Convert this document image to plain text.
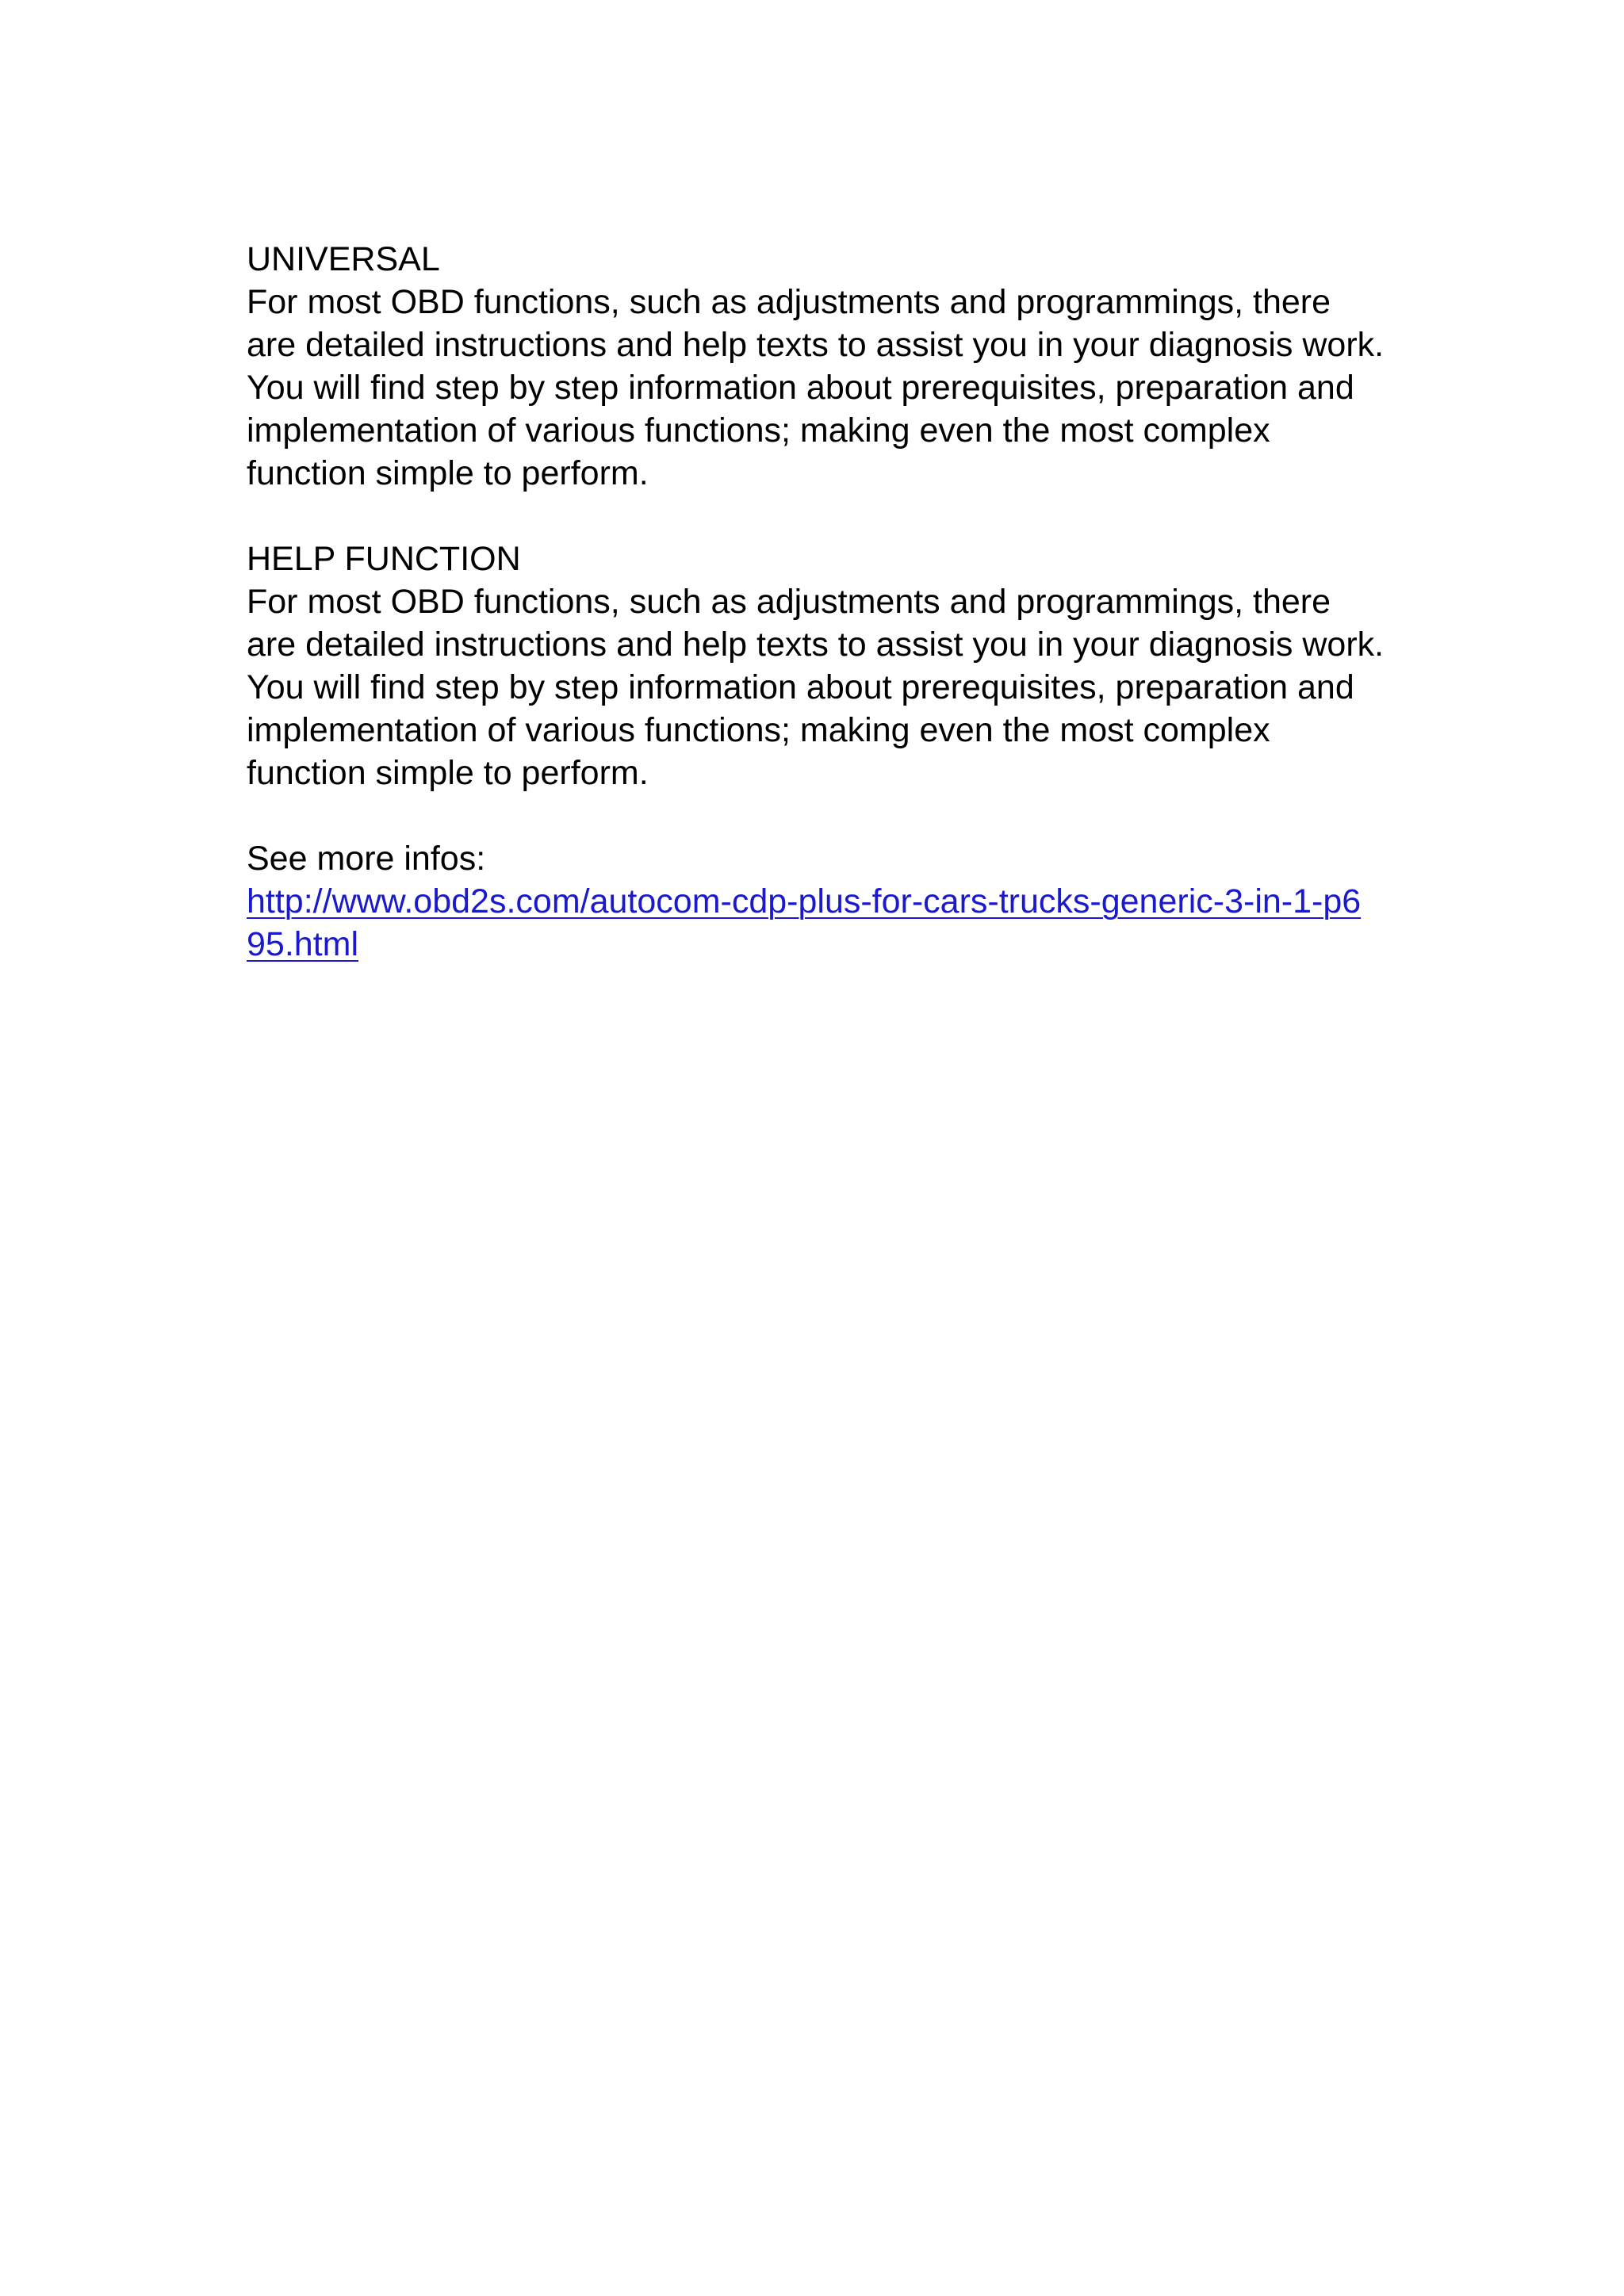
UNIVERSAL
For most OBD functions, such as adjustments and programmings, there
are detailed instructions and help texts to assist you in your diagnosis work.
You will find step by step information about prerequisites, preparation and
implementation of various functions; making even the most complex
function simple to perform.
HELP FUNCTION
For most OBD functions, such as adjustments and programmings, there
are detailed instructions and help texts to assist you in your diagnosis work.
You will find step by step information about prerequisites, preparation and
implementation of various functions; making even the most complex
function simple to perform.
See more infos:
http://www.obd2s.com/autocom-cdp-plus-for-cars-trucks-generic-3-in-1-p6
95.html
